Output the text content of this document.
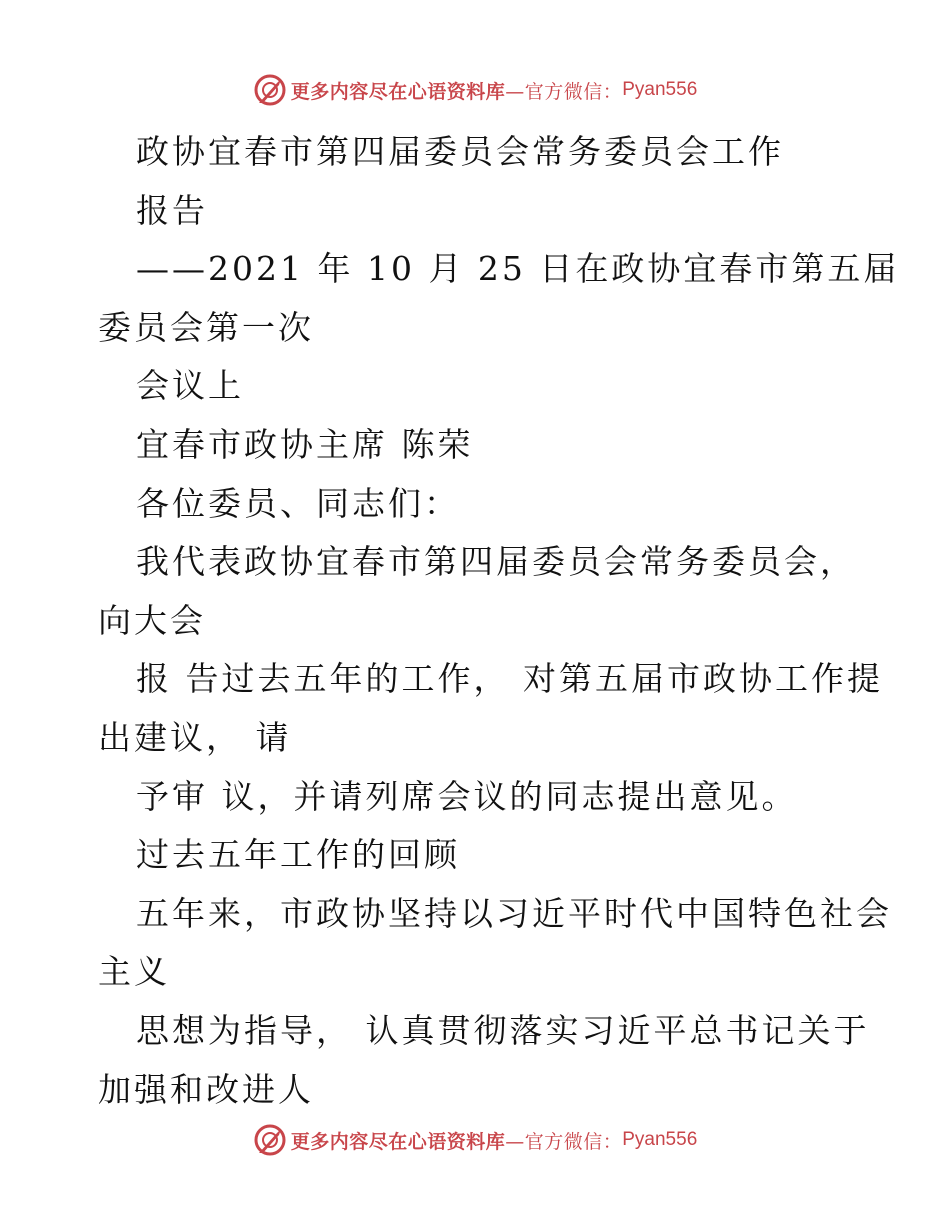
更多内容尽在心语资料库 —官方微信： Pyan556
政协宜春市第四届委员会常务委员会工作
报告
——2021 年 10 月 25 日在政协宜春市第五届
委员会第一次
会议上
宜春市政协主席 陈荣
各位委员、同志们：
我代表政协宜春市第四届委员会常务委员会，
向大会
报 告过去五年的工作， 对第五届市政协工作提
出建议， 请
予审 议，并请列席会议的同志提出意见。
过去五年工作的回顾
五年来，市政协坚持以习近平时代中国特色社会
主义
思想为指导， 认真贯彻落实习近平总书记关于
加强和改进人
更多内容尽在心语资料库 —官方微信： Pyan556
